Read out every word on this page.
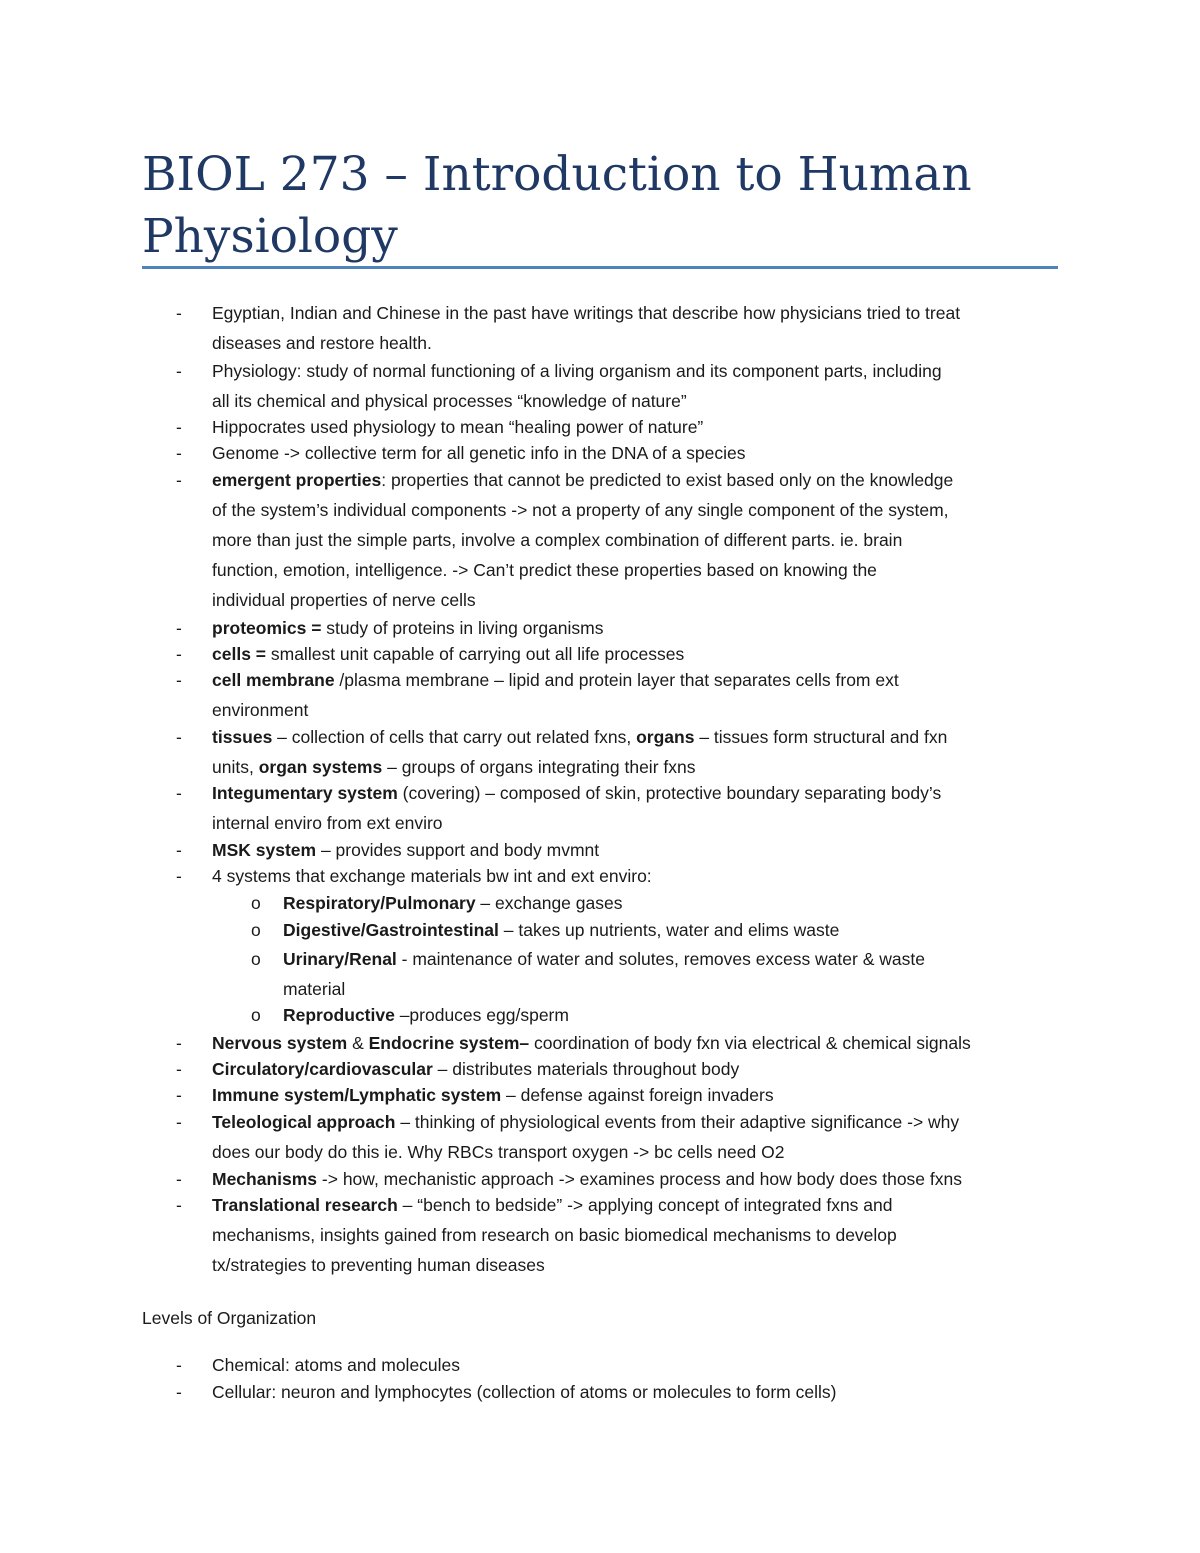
BIOL 273 – Introduction to Human
Physiology
- Egyptian, Indian and Chinese in the past have writings that describe how physicians tried to treat
diseases and restore health.
- Physiology: study of normal functioning of a living organism and its component parts, including
all its chemical and physical processes “knowledge of nature”
- Hippocrates used physiology to mean “healing power of nature”
- Genome -> collective term for all genetic info in the DNA of a species
- emergent properties: properties that cannot be predicted to exist based only on the knowledge
of the system’s individual components -> not a property of any single component of the system,
more than just the simple parts, involve a complex combination of different parts. ie. brain
function, emotion, intelligence. -> Can’t predict these properties based on knowing the
individual properties of nerve cells
- proteomics = study of proteins in living organisms
- cells = smallest unit capable of carrying out all life processes
- cell membrane /plasma membrane – lipid and protein layer that separates cells from ext
environment
- tissues – collection of cells that carry out related fxns, organs – tissues form structural and fxn
units, organ systems – groups of organs integrating their fxns
- Integumentary system (covering) – composed of skin, protective boundary separating body’s
internal enviro from ext enviro
- MSK system – provides support and body mvmnt
- 4 systems that exchange materials bw int and ext enviro:
o Respiratory/Pulmonary – exchange gases
o Digestive/Gastrointestinal – takes up nutrients, water and elims waste
o Urinary/Renal - maintenance of water and solutes, removes excess water & waste
material
o Reproductive –produces egg/sperm
- Nervous system & Endocrine system– coordination of body fxn via electrical & chemical signals
- Circulatory/cardiovascular – distributes materials throughout body
- Immune system/Lymphatic system – defense against foreign invaders
- Teleological approach – thinking of physiological events from their adaptive significance -> why
does our body do this ie. Why RBCs transport oxygen -> bc cells need O2
- Mechanisms -> how, mechanistic approach -> examines process and how body does those fxns
- Translational research – “bench to bedside” -> applying concept of integrated fxns and
mechanisms, insights gained from research on basic biomedical mechanisms to develop
tx/strategies to preventing human diseases
Levels of Organization
- Chemical: atoms and molecules
- Cellular: neuron and lymphocytes (collection of atoms or molecules to form cells)
